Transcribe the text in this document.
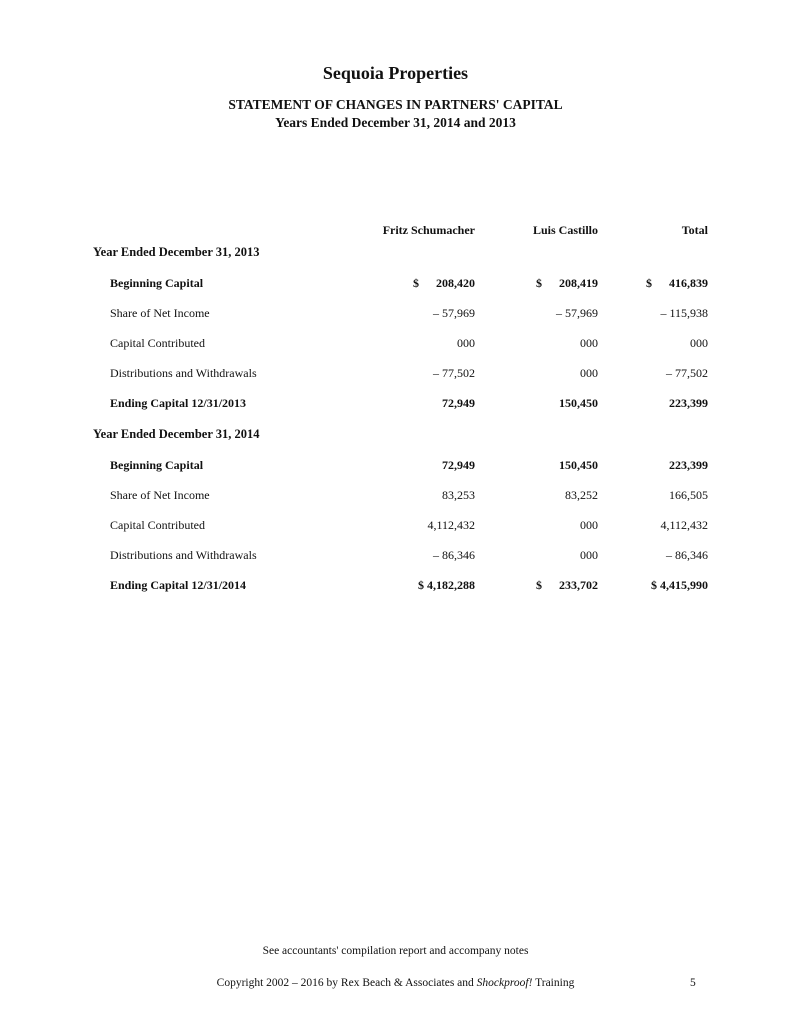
Sequoia Properties
STATEMENT OF CHANGES IN PARTNERS' CAPITAL
Years Ended December 31, 2014 and 2013
Fritz Schumacher	Luis Castillo	Total
Year Ended December 31, 2013
Beginning Capital	$ 208,420	$ 208,419	$ 416,839
Share of Net Income	– 57,969	– 57,969	– 115,938
Capital Contributed	000	000	000
Distributions and Withdrawals	– 77,502	000	– 77,502
Ending Capital 12/31/2013	72,949	150,450	223,399
Year Ended December 31, 2014
Beginning Capital	72,949	150,450	223,399
Share of Net Income	83,253	83,252	166,505
Capital Contributed	4,112,432	000	4,112,432
Distributions and Withdrawals	– 86,346	000	– 86,346
Ending Capital 12/31/2014	$ 4,182,288	$ 233,702	$ 4,415,990
See accountants' compilation report and accompany notes
Copyright 2002 – 2016 by Rex Beach & Associates and Shockproof! Training	5
